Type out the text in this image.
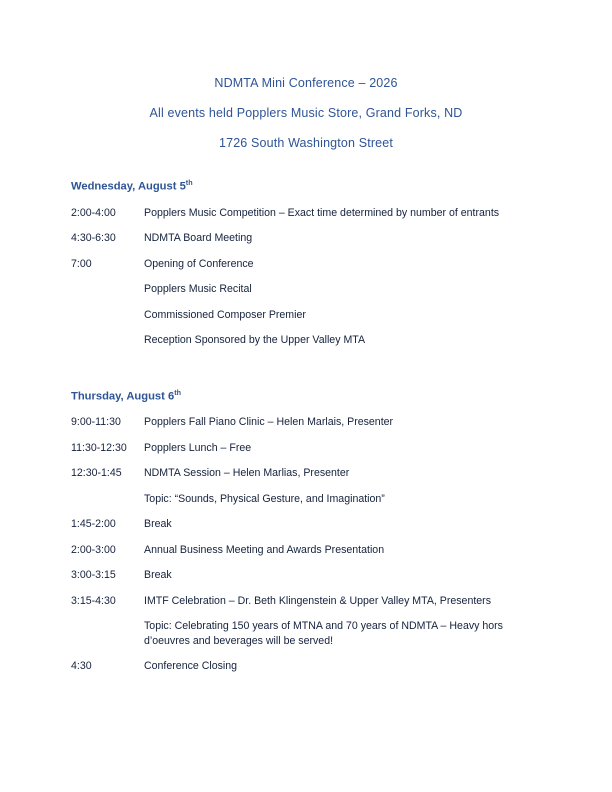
NDMTA Mini Conference – 2026
All events held Popplers Music Store, Grand Forks, ND
1726 South Washington Street
Wednesday, August 5th
2:00-4:00	Popplers Music Competition – Exact time determined by number of entrants
4:30-6:30	NDMTA Board Meeting
7:00	Opening of Conference
Popplers Music Recital
Commissioned Composer Premier
Reception Sponsored by the Upper Valley MTA
Thursday, August 6th
9:00-11:30	Popplers Fall Piano Clinic – Helen Marlais, Presenter
11:30-12:30	Popplers Lunch – Free
12:30-1:45	NDMTA Session – Helen Marlias, Presenter
Topic: “Sounds, Physical Gesture, and Imagination”
1:45-2:00	Break
2:00-3:00	Annual Business Meeting and Awards Presentation
3:00-3:15	Break
3:15-4:30	IMTF Celebration – Dr. Beth Klingenstein & Upper Valley MTA, Presenters
Topic: Celebrating 150 years of MTNA and 70 years of NDMTA – Heavy hors d’oeuvres and beverages will be served!
4:30	Conference Closing
